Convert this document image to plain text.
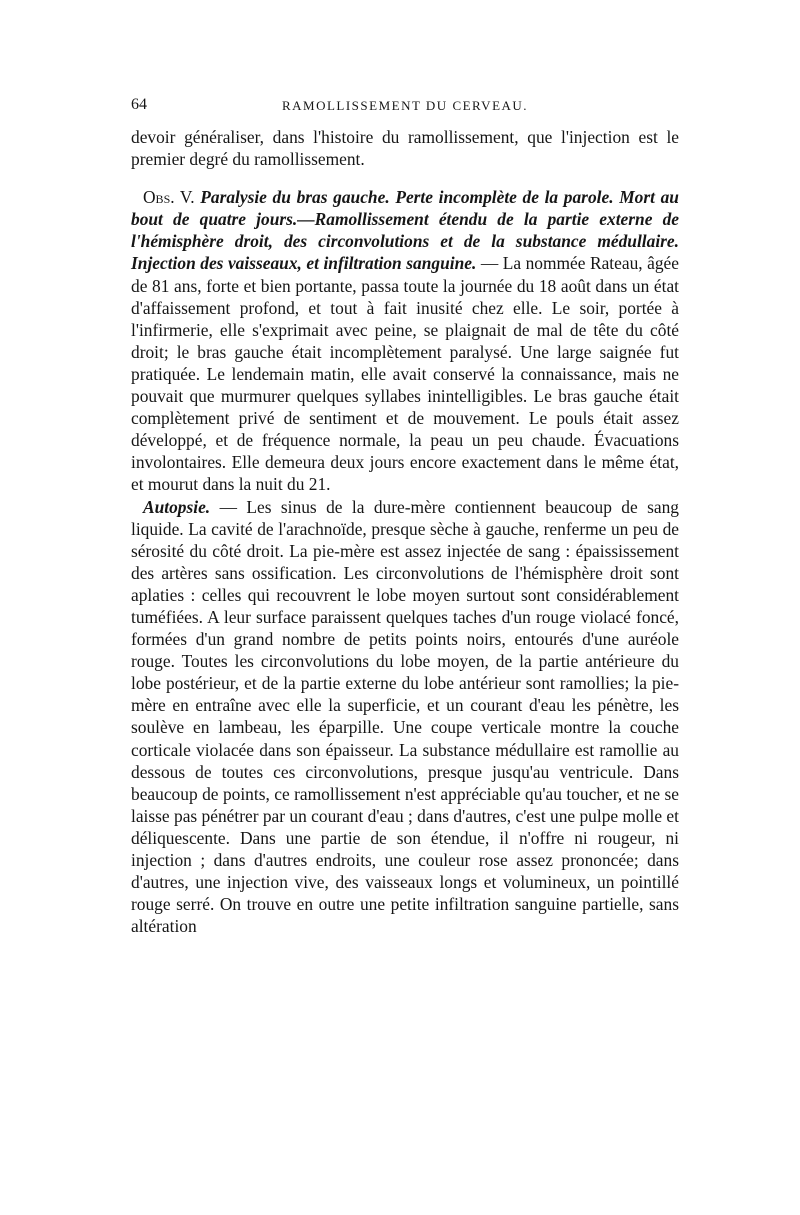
64	RAMOLLISSEMENT DU CERVEAU.

devoir généraliser, dans l'histoire du ramollissement, que l'injection est le premier degré du ramollissement.

Obs. V. Paralysie du bras gauche. Perte incomplète de la parole. Mort au bout de quatre jours.—Ramollissement étendu de la partie externe de l'hémisphère droit, des circonvolutions et de la substance médullaire. Injection des vaisseaux, et infiltration sanguine. — La nommée Rateau, âgée de 81 ans, forte et bien portante, passa toute la journée du 18 août dans un état d'affaissement profond, et tout à fait inusité chez elle. Le soir, portée à l'infirmerie, elle s'exprimait avec peine, se plaignait de mal de tête du côté droit; le bras gauche était incomplètement paralysé. Une large saignée fut pratiquée. Le lendemain matin, elle avait conservé la connaissance, mais ne pouvait que murmurer quelques syllabes inintelligibles. Le bras gauche était complètement privé de sentiment et de mouvement. Le pouls était assez développé, et de fréquence normale, la peau un peu chaude. Évacuations involontaires. Elle demeura deux jours encore exactement dans le même état, et mourut dans la nuit du 21.

Autopsie. — Les sinus de la dure-mère contiennent beaucoup de sang liquide. La cavité de l'arachnoïde, presque sèche à gauche, renferme un peu de sérosité du côté droit. La pie-mère est assez injectée de sang : épaississement des artères sans ossification. Les circonvolutions de l'hémisphère droit sont aplaties : celles qui recouvrent le lobe moyen surtout sont considérablement tuméfiées. A leur surface paraissent quelques taches d'un rouge violacé foncé, formées d'un grand nombre de petits points noirs, entourés d'une auréole rouge. Toutes les circonvolutions du lobe moyen, de la partie antérieure du lobe postérieur, et de la partie externe du lobe antérieur sont ramollies; la pie-mère en entraîne avec elle la superficie, et un courant d'eau les pénètre, les soulève en lambeau, les éparpille. Une coupe verticale montre la couche corticale violacée dans son épaisseur. La substance médullaire est ramollie au dessous de toutes ces circonvolutions, presque jusqu'au ventricule. Dans beaucoup de points, ce ramollissement n'est appréciable qu'au toucher, et ne se laisse pas pénétrer par un courant d'eau ; dans d'autres, c'est une pulpe molle et déliquescente. Dans une partie de son étendue, il n'offre ni rougeur, ni injection ; dans d'autres endroits, une couleur rose assez prononcée; dans d'autres, une injection vive, des vaisseaux longs et volumineux, un pointillé rouge serré. On trouve en outre une petite infiltration sanguine partielle, sans altération
